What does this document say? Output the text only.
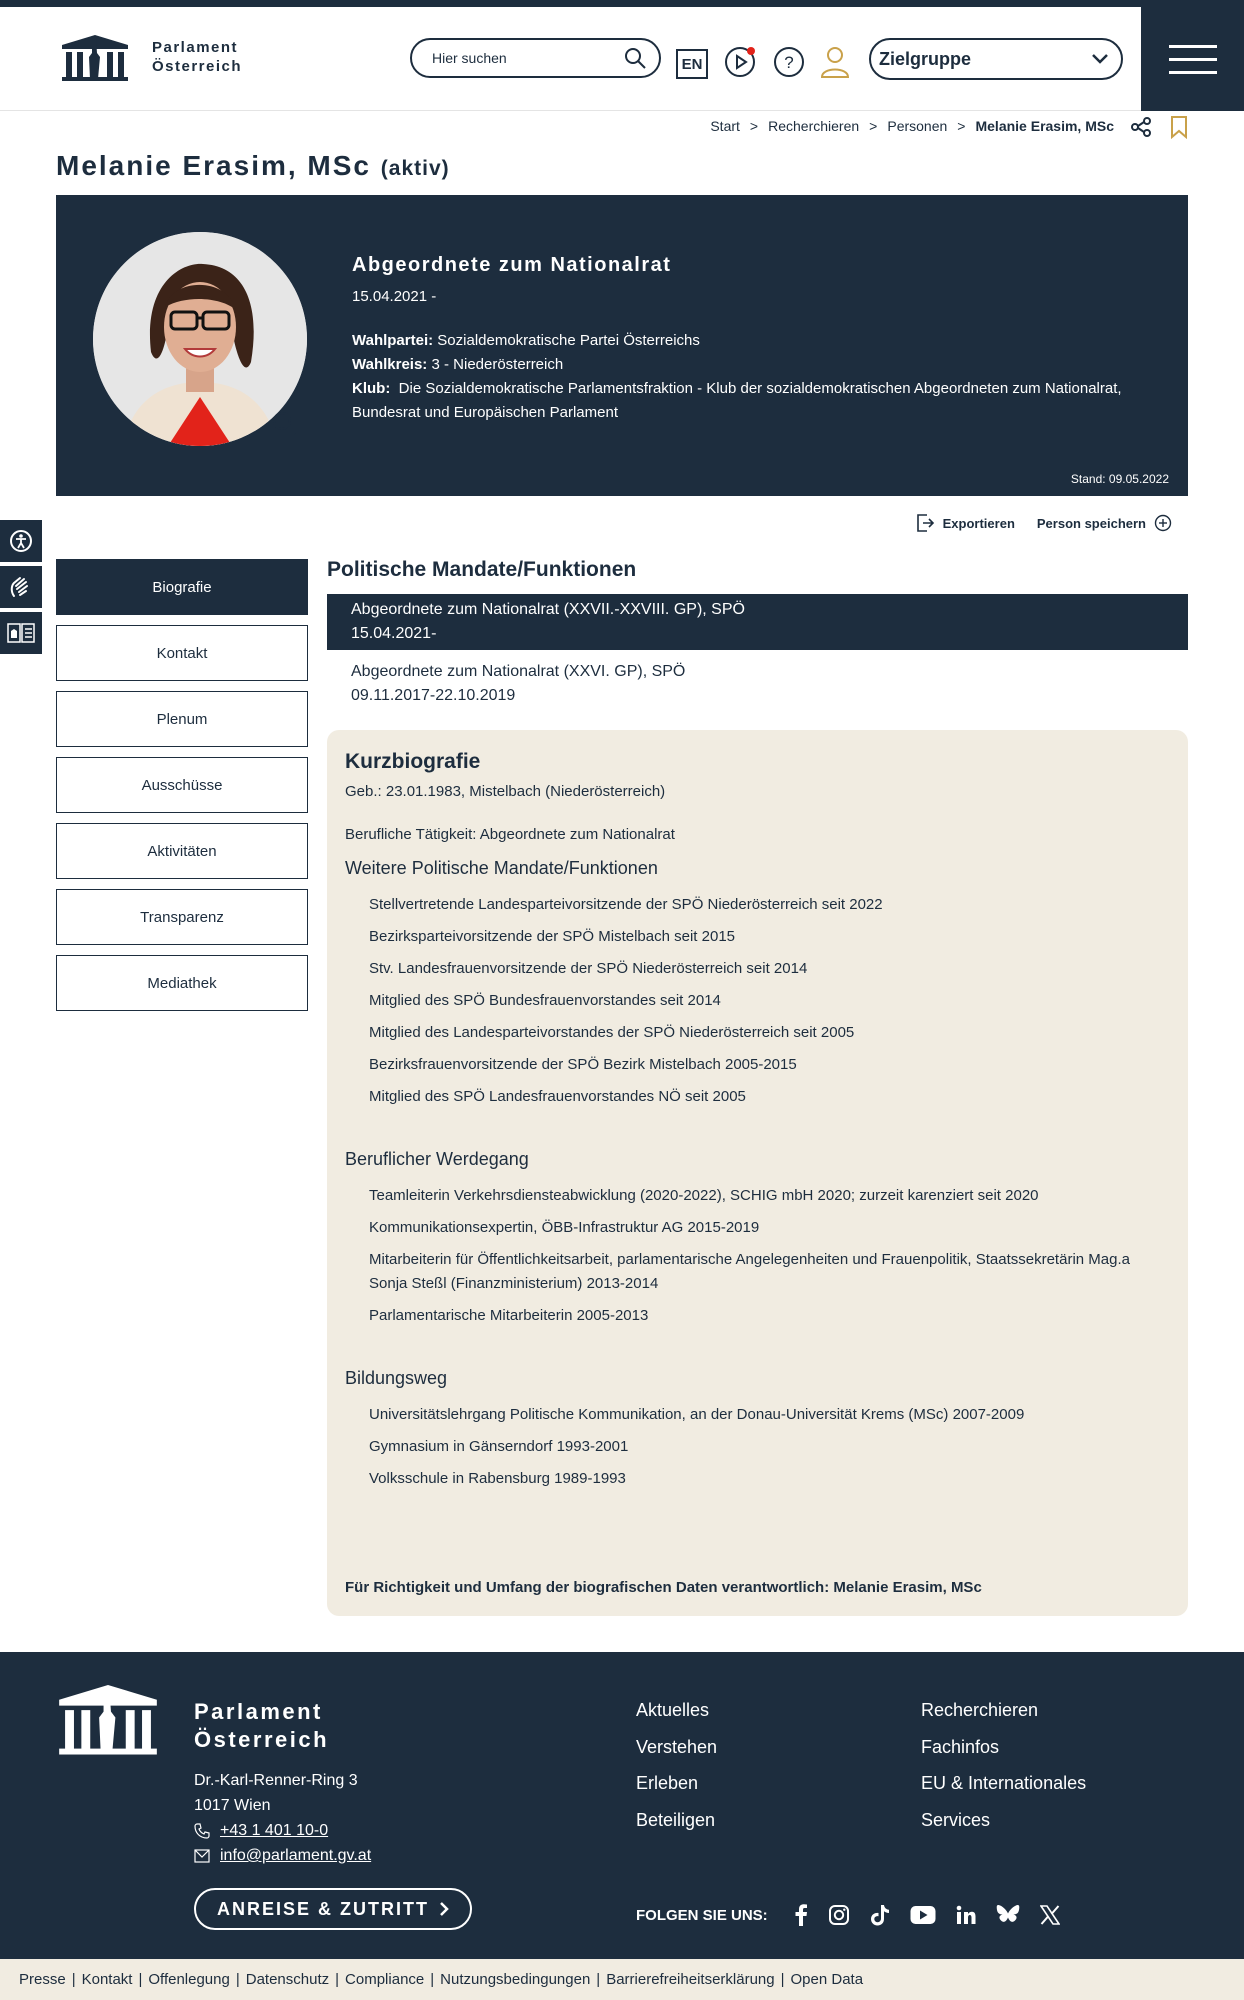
Parlament
Österreich
Hier suchen	EN	?	Zielgruppe
Start > Recherchieren > Personen > Melanie Erasim, MSc
Melanie Erasim, MSc (aktiv)
Abgeordnete zum Nationalrat
15.04.2021 -
Wahlpartei: Sozialdemokratische Partei Österreichs
Wahlkreis: 3 - Niederösterreich
Klub: Die Sozialdemokratische Parlamentsfraktion - Klub der sozialdemokratischen Abgeordneten zum Nationalrat, Bundesrat und Europäischen Parlament
Stand: 09.05.2022
Exportieren Person speichern
Biografie
Kontakt
Plenum
Ausschüsse
Aktivitäten
Transparenz
Mediathek
Politische Mandate/Funktionen
Abgeordnete zum Nationalrat (XXVII.-XXVIII. GP), SPÖ
15.04.2021-
Abgeordnete zum Nationalrat (XXVI. GP), SPÖ
09.11.2017-22.10.2019
Kurzbiografie

Geb.: 23.01.1983, Mistelbach (Niederösterreich)

Berufliche Tätigkeit: Abgeordnete zum Nationalrat

Weitere Politische Mandate/Funktionen
Stellvertretende Landesparteivorsitzende der SPÖ Niederösterreich seit 2022
Bezirksparteivorsitzende der SPÖ Mistelbach seit 2015
Stv. Landesfrauenvorsitzende der SPÖ Niederösterreich seit 2014
Mitglied des SPÖ Bundesfrauenvorstandes seit 2014
Mitglied des Landesparteivorstandes der SPÖ Niederösterreich seit 2005
Bezirksfrauenvorsitzende der SPÖ Bezirk Mistelbach 2005-2015
Mitglied des SPÖ Landesfrauenvorstandes NÖ seit 2005
Beruflicher Werdegang
Teamleiterin Verkehrsdiensteabwicklung (2020-2022), SCHIG mbH 2020; zurzeit karenziert seit 2020
Kommunikationsexpertin, ÖBB-Infrastruktur AG 2015-2019
Mitarbeiterin für Öffentlichkeitsarbeit, parlamentarische Angelegenheiten und Frauenpolitik, Staatssekretärin Mag.a Sonja Steßl (Finanzministerium) 2013-2014
Parlamentarische Mitarbeiterin 2005-2013
Bildungsweg
Universitätslehrgang Politische Kommunikation, an der Donau-Universität Krems (MSc) 2007-2009
Gymnasium in Gänserndorf 1993-2001
Volksschule in Rabensburg 1989-1993
Für Richtigkeit und Umfang der biografischen Daten verantwortlich: Melanie Erasim, MSc
Parlament
Österreich
Dr.-Karl-Renner-Ring 3
1017 Wien
+43 1 401 10-0
info@parlament.gv.at
ANREISE & ZUTRITT
Aktuelles
Verstehen
Erleben
Beteiligen
Recherchieren
Fachinfos
EU & Internationales
Services
FOLGEN SIE UNS:
Presse | Kontakt | Offenlegung | Datenschutz | Compliance | Nutzungsbedingungen | Barrierefreiheitserklärung | Open Data
